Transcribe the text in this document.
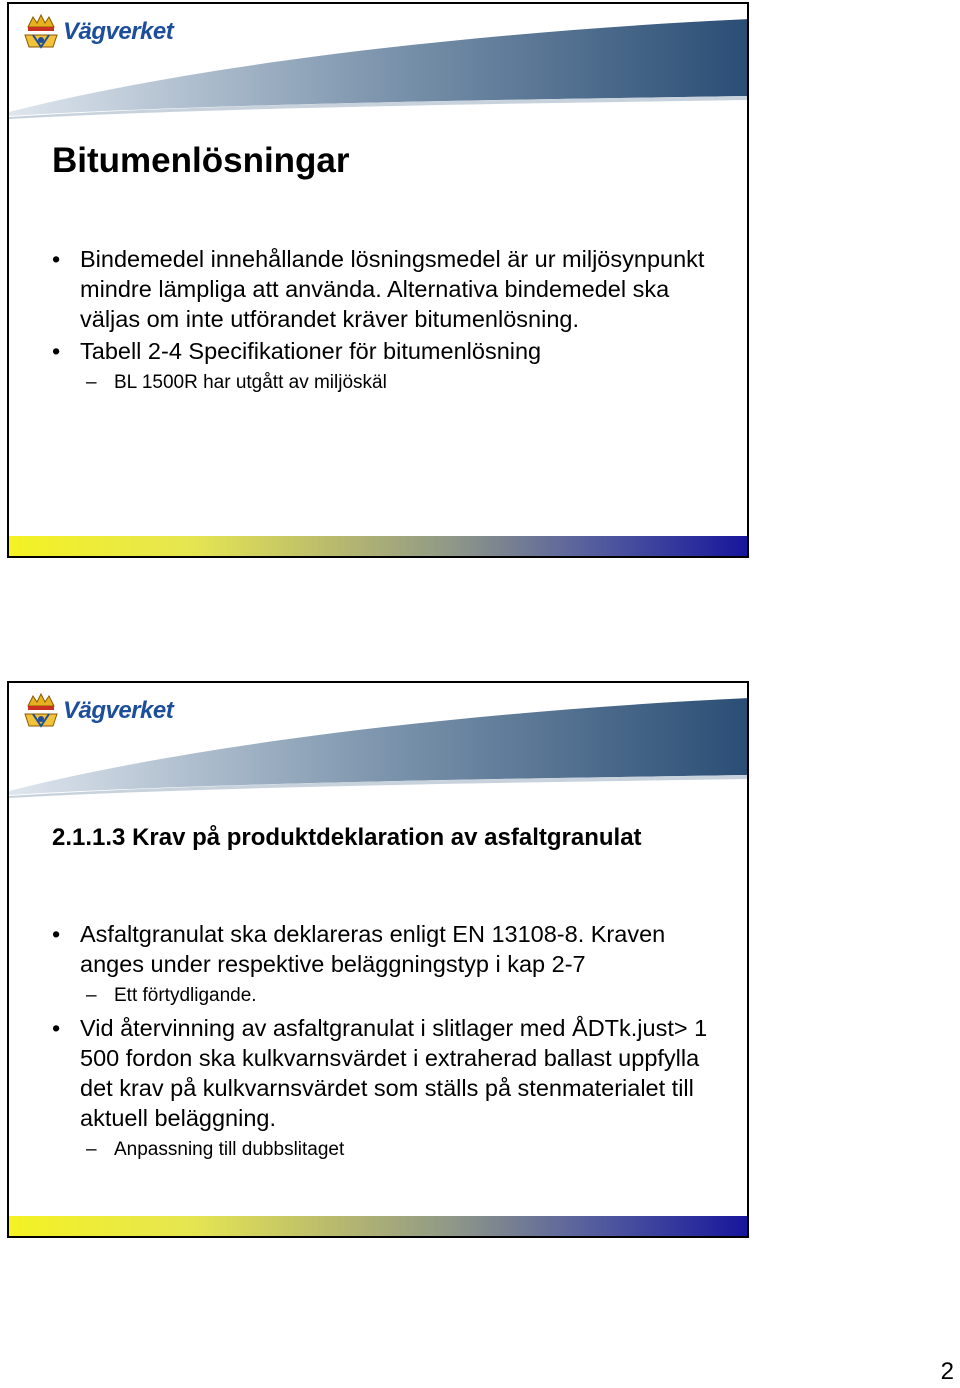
Vägverket
Bitumenlösningar
• Bindemedel innehållande lösningsmedel är ur miljösynpunkt mindre lämpliga att använda. Alternativa bindemedel ska väljas om inte utförandet kräver bitumenlösning.
• Tabell 2-4 Specifikationer för bitumenlösning
– BL 1500R har utgått av miljöskäl
Vägverket
2.1.1.3 Krav på produktdeklaration av asfaltgranulat
• Asfaltgranulat ska deklareras enligt EN 13108-8. Kraven anges under respektive beläggningstyp i kap 2-7
– Ett förtydligande.
• Vid återvinning av asfaltgranulat i slitlager med ÅDTk.just> 1 500 fordon ska kulkvarnsvärdet i extraherad ballast uppfylla det krav på kulkvarnsvärdet som ställs på stenmaterialet till aktuell beläggning.
– Anpassning till dubbslitaget
2
